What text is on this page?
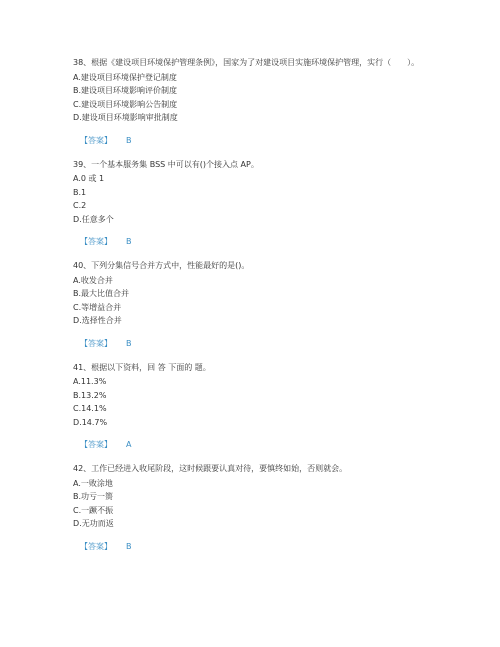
38、根据《建设项目环境保护管理条例》，国家为了对建设项目实施环境保护管理，实行（　　）。

A.建设项目环境保护登记制度

B.建设项目环境影响评价制度

C.建设项目环境影响公告制度

D.建设项目环境影响审批制度

【答案】 B

39、一个基本服务集 BSS 中可以有()个接入点 AP。

A.0 或 1

B.1

C.2

D.任意多个

【答案】 B

40、下列分集信号合并方式中，性能最好的是()。

A.收发合并

B.最大比值合并

C.等增益合并

D.选择性合并

【答案】 B

41、根据以下资料，回 答 下面的 题。

A.11.3%

B.13.2%

C.14.1%

D.14.7%

【答案】 A

42、工作已经进入收尾阶段，这时候跟要认真对待，要慎终如始，否则就会。

A.一败涂地

B.功亏一篑

C.一蹶不振

D.无功而返

【答案】 B
